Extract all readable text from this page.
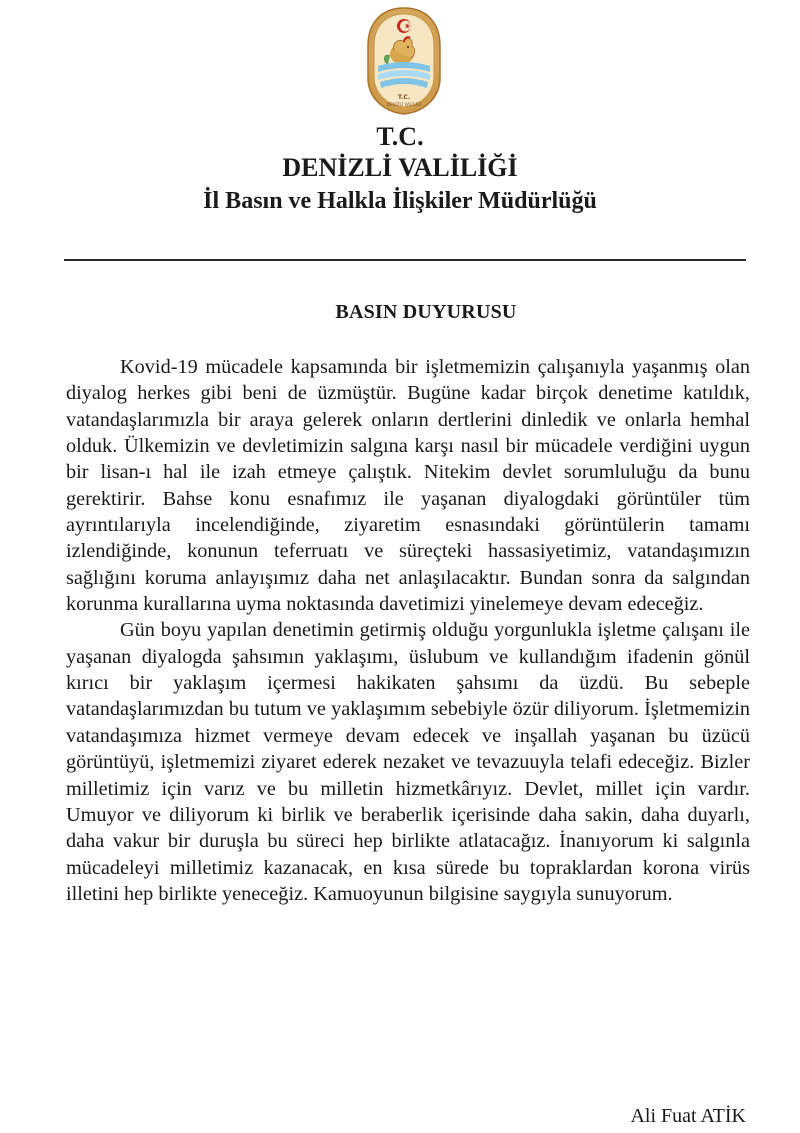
T.C.
DENİZLİ VALİLİĞİ
T.C.
DENİZLİ VALİLİĞİ
İl Basın ve Halkla İlişkiler Müdürlüğü
BASIN DUYURUSU

Kovid-19 mücadele kapsamında bir işletmemizin çalışanıyla yaşanmış olan diyalog herkes gibi beni de üzmüştür. Bugüne kadar birçok denetime katıldık, vatandaşlarımızla bir araya gelerek onların dertlerini dinledik ve onlarla hemhal olduk. Ülkemizin ve devletimizin salgına karşı nasıl bir mücadele verdiğini uygun bir lisan-ı hal ile izah etmeye çalıştık. Nitekim devlet sorumluluğu da bunu gerektirir. Bahse konu esnafımız ile yaşanan diyalogdaki görüntüler tüm ayrıntılarıyla incelendiğinde, ziyaretim esnasındaki görüntülerin tamamı izlendiğinde, konunun teferruatı ve süreçteki hassasiyetimiz, vatandaşımızın sağlığını koruma anlayışımız daha net anlaşılacaktır. Bundan sonra da salgından korunma kurallarına uyma noktasında davetimizi yinelemeye devam edeceğiz.

Gün boyu yapılan denetimin getirmiş olduğu yorgunlukla işletme çalışanı ile yaşanan diyalogda şahsımın yaklaşımı, üslubum ve kullandığım ifadenin gönül kırıcı bir yaklaşım içermesi hakikaten şahsımı da üzdü. Bu sebeple vatandaşlarımızdan bu tutum ve yaklaşımım sebebiyle özür diliyorum. İşletmemizin vatandaşımıza hizmet vermeye devam edecek ve inşallah yaşanan bu üzücü görüntüyü, işletmemizi ziyaret ederek nezaket ve tevazuuyla telafi edeceğiz. Bizler milletimiz için varız ve bu milletin hizmetkârıyız. Devlet, millet için vardır. Umuyor ve diliyorum ki birlik ve beraberlik içerisinde daha sakin, daha duyarlı, daha vakur bir duruşla bu süreci hep birlikte atlatacağız. İnanıyorum ki salgınla mücadeleyi milletimiz kazanacak, en kısa sürede bu topraklardan korona virüs illetini hep birlikte yeneceğiz. Kamuoyunun bilgisine saygıyla sunuyorum.

Ali Fuat ATİK
